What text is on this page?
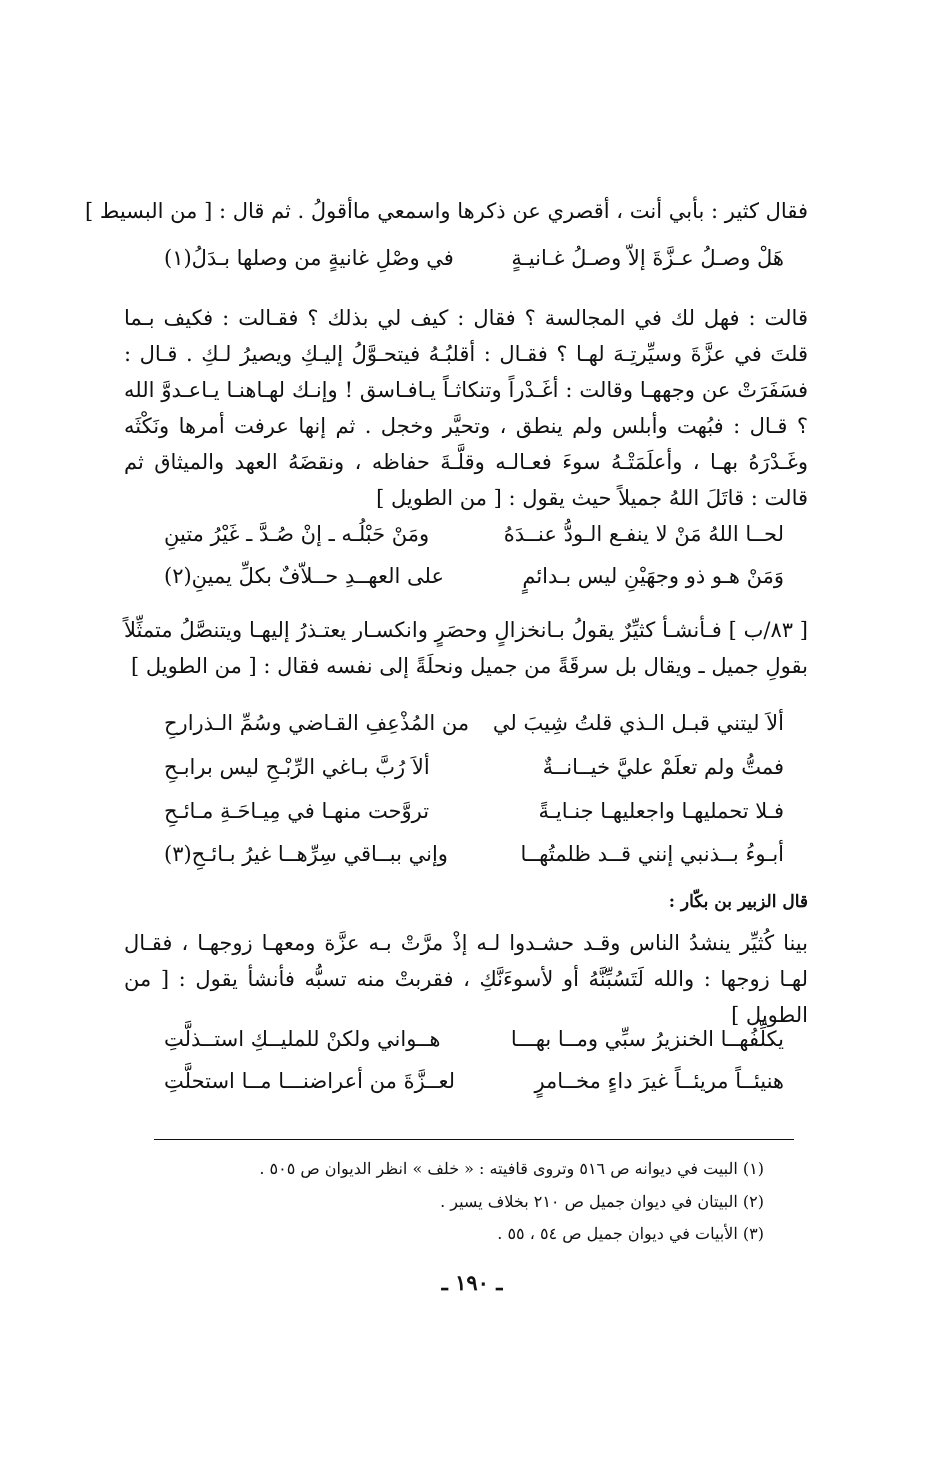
فقال كثير : بأبي أنت ، أقصري عن ذكرها واسمعي ماأقولُ . ثم قال : [ من البسيط ]
هَلْ وصـلُ عـزَّةَ إلاّ وصـلُ غـانيـةٍ
في وصْلِ غانيةٍ من وصلها بـدَلُ(١)
قالت : فهل لك في المجالسة ؟ فقال : كيف لي بذلك ؟ فقـالت : فكيف بـما قلتَ في عزَّةَ وسيِّرتِـهَ لهـا ؟ فقـال : أقلبُـهُ فيتحـوَّلُ إليـكِ ويصيرُ لـكِ . قـال : فسَفَرَتْ عن وجههـا وقالت : أغَـدْراً وتنكاثـاً يـافـاسق ! وإنـك لهـاهنـا يـاعـدوَّ الله ؟ قـال : فبُهت وأبلس ولم ينطق ، وتحيَّر وخجل . ثم إنها عرفت أمرها ونَكْثَه وغَـدْرَهُ بهـا ، وأعلَمَتْـهُ سوءَ فعـالـه وقلَّـةَ حفاظه ، ونقضَهُ العهد والميثاق ثم قالت : قاتَلَ اللهُ جميلاً حيث يقول : [ من الطويل ]
لحــا اللهُ مَنْ لا ينفـع الـودُّ عنــدَهُ
ومَنْ حَبْلُـه ـ إنْ صُـدَّ ـ غَيْرُ متينِ
وَمَنْ هـو ذو وجهَيْنِ ليس بـدائمٍ
على العهــدِ حــلاّفٌ بكلِّ يمينِ(٢)
[ ٨٣/ب ] فـأنشـأ كثيِّرٌ يقولُ بـانخزالٍ وحصَرٍ وانكسـار يعتـذرُ إليهـا ويتنصَّلُ متمثِّلاً بقولِ جميل ـ ويقال بل سرقَةً من جميل ونحلَةً إلى نفسه فقال : [ من الطويل ]
ألاَ ليتني قبـل الـذي قلتُ شِيبَ لي
من المُذْعِفِ القـاضي وسُمِّ الـذرارحِ
فمتُّ ولم تعلَمْ عليَّ خيــانــةٌ
ألاَ رُبَّ بـاغي الرِّبْـحِ ليس برابـحِ
فـلا تحمليهـا واجعليهـا جنـايـةً
تروَّحت منهـا في مِيـاحَـةِ مـائـحِ
أبـوءُ بــذنبي إنني قــد ظلمتُهــا
وإني ببــاقي سِرِّهــا غيرُ بـائـحِ(٣)
قال الزبير بن بكّار :
بينا كُثيِّر ينشدُ الناس وقـد حشـدوا لـه إذْ مرَّتْ بـه عزَّة ومعهـا زوجهـا ، فقـال لهـا زوجها : والله لَتَسُبِّنَّهُ أو لأسوءَنَّكِ ، فقربتْ منه تسبُّه فأنشأ يقول : [ من الطويل ]
يكلِّفُهــا الخنزيرُ سبِّي ومــا بهـــا
هــواني ولكنْ للمليــكِ استــذلَّتِ
هنيئــاً مريئــاً غيرَ داءٍ مخــامرٍ
لعــزَّةَ من أعراضنـــا مــا استحلَّتِ
(١) البيت في ديوانه ص ٥١٦ وتروى قافيته : « خلف » انظر الديوان ص ٥٠٥ .
(٢) البيتان في ديوان جميل ص ٢١٠ بخلاف يسير .
(٣) الأبيات في ديوان جميل ص ٥٤ ، ٥٥ .
ـ ١٩٠ ـ
